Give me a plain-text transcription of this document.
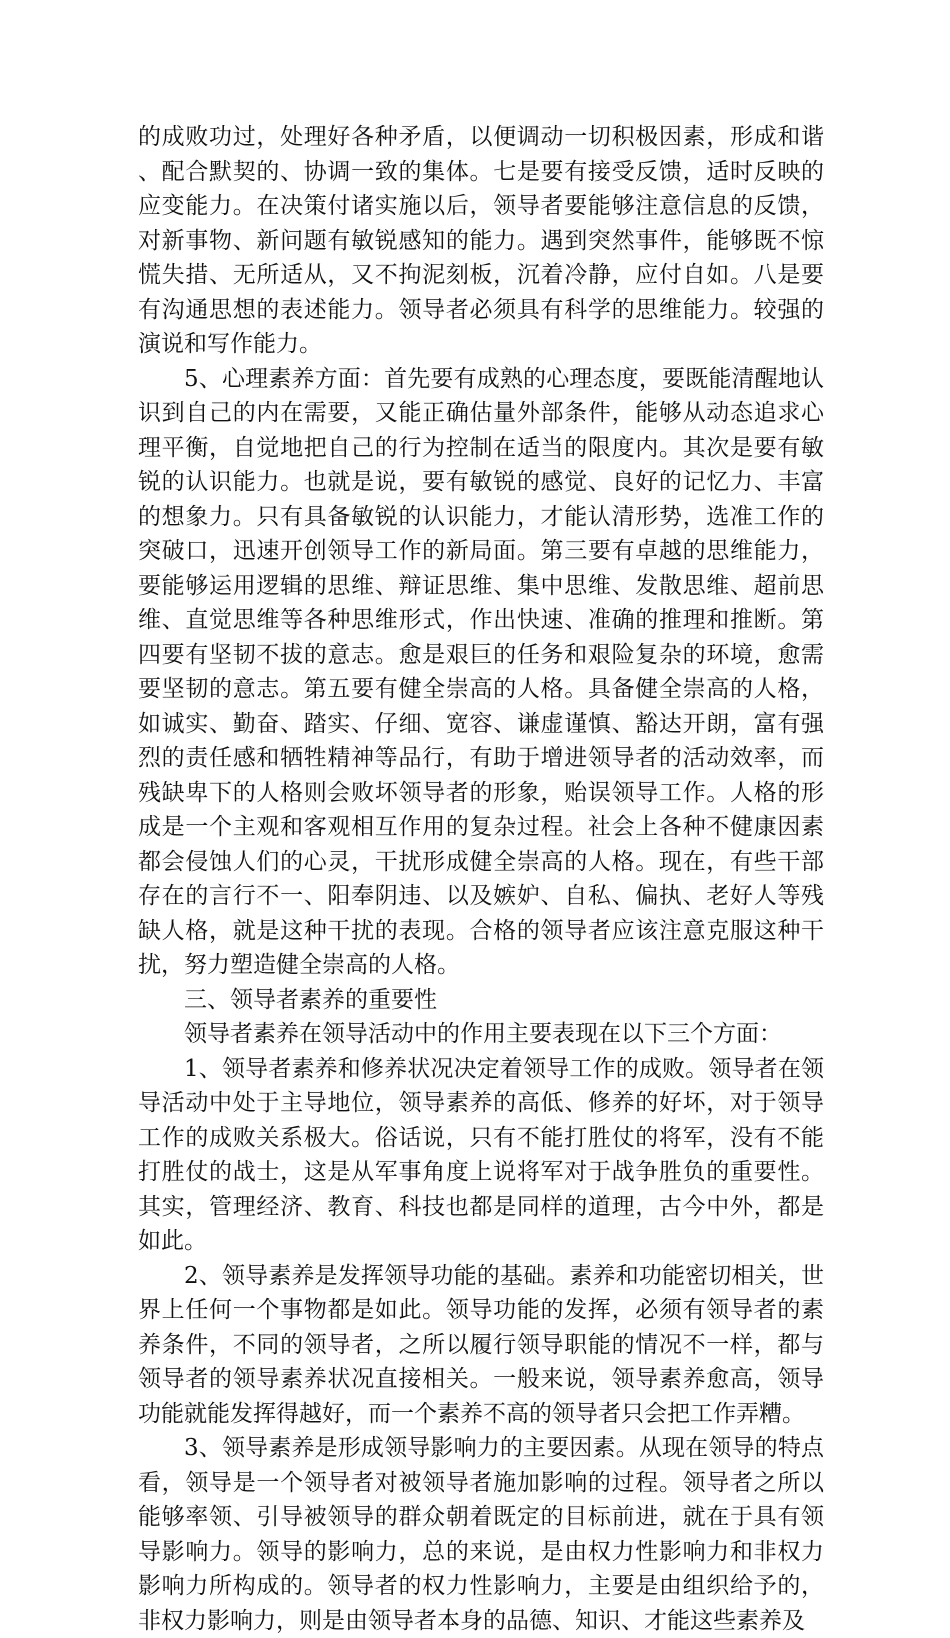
的成败功过，处理好各种矛盾，以便调动一切积极因素，形成和谐、配合默契的、协调一致的集体。七是要有接受反馈，适时反映的应变能力。在决策付诸实施以后，领导者要能够注意信息的反馈，对新事物、新问题有敏锐感知的能力。遇到突然事件，能够既不惊慌失措、无所适从，又不拘泥刻板，沉着冷静，应付自如。八是要有沟通思想的表述能力。领导者必须具有科学的思维能力。较强的演说和写作能力。

5、心理素养方面：首先要有成熟的心理态度，要既能清醒地认识到自己的内在需要，又能正确估量外部条件，能够从动态追求心理平衡，自觉地把自己的行为控制在适当的限度内。其次是要有敏锐的认识能力。也就是说，要有敏锐的感觉、良好的记忆力、丰富的想象力。只有具备敏锐的认识能力，才能认清形势，选准工作的突破口，迅速开创领导工作的新局面。第三要有卓越的思维能力，要能够运用逻辑的思维、辩证思维、集中思维、发散思维、超前思维、直觉思维等各种思维形式，作出快速、准确的推理和推断。第四要有坚韧不拔的意志。愈是艰巨的任务和艰险复杂的环境，愈需要坚韧的意志。第五要有健全崇高的人格。具备健全崇高的人格，如诚实、勤奋、踏实、仔细、宽容、谦虚谨慎、豁达开朗，富有强烈的责任感和牺牲精神等品行，有助于增进领导者的活动效率，而残缺卑下的人格则会败坏领导者的形象，贻误领导工作。人格的形成是一个主观和客观相互作用的复杂过程。社会上各种不健康因素都会侵蚀人们的心灵，干扰形成健全崇高的人格。现在，有些干部存在的言行不一、阳奉阴违、以及嫉妒、自私、偏执、老好人等残缺人格，就是这种干扰的表现。合格的领导者应该注意克服这种干扰，努力塑造健全崇高的人格。

三、领导者素养的重要性

领导者素养在领导活动中的作用主要表现在以下三个方面：

1、领导者素养和修养状况决定着领导工作的成败。领导者在领导活动中处于主导地位，领导素养的高低、修养的好坏，对于领导工作的成败关系极大。俗话说，只有不能打胜仗的将军，没有不能打胜仗的战士，这是从军事角度上说将军对于战争胜负的重要性。其实，管理经济、教育、科技也都是同样的道理，古今中外，都是如此。

2、领导素养是发挥领导功能的基础。素养和功能密切相关，世界上任何一个事物都是如此。领导功能的发挥，必须有领导者的素养条件，不同的领导者，之所以履行领导职能的情况不一样，都与领导者的领导素养状况直接相关。一般来说，领导素养愈高，领导功能就能发挥得越好，而一个素养不高的领导者只会把工作弄糟。

3、领导素养是形成领导影响力的主要因素。从现在领导的特点看，领导是一个领导者对被领导者施加影响的过程。领导者之所以能够率领、引导被领导的群众朝着既定的目标前进，就在于具有领导影响力。领导的影响力，总的来说，是由权力性影响力和非权力影响力所构成的。领导者的权力性影响力，主要是由组织给予的，非权力影响力，则是由领导者本身的品德、知识、才能这些素养及
